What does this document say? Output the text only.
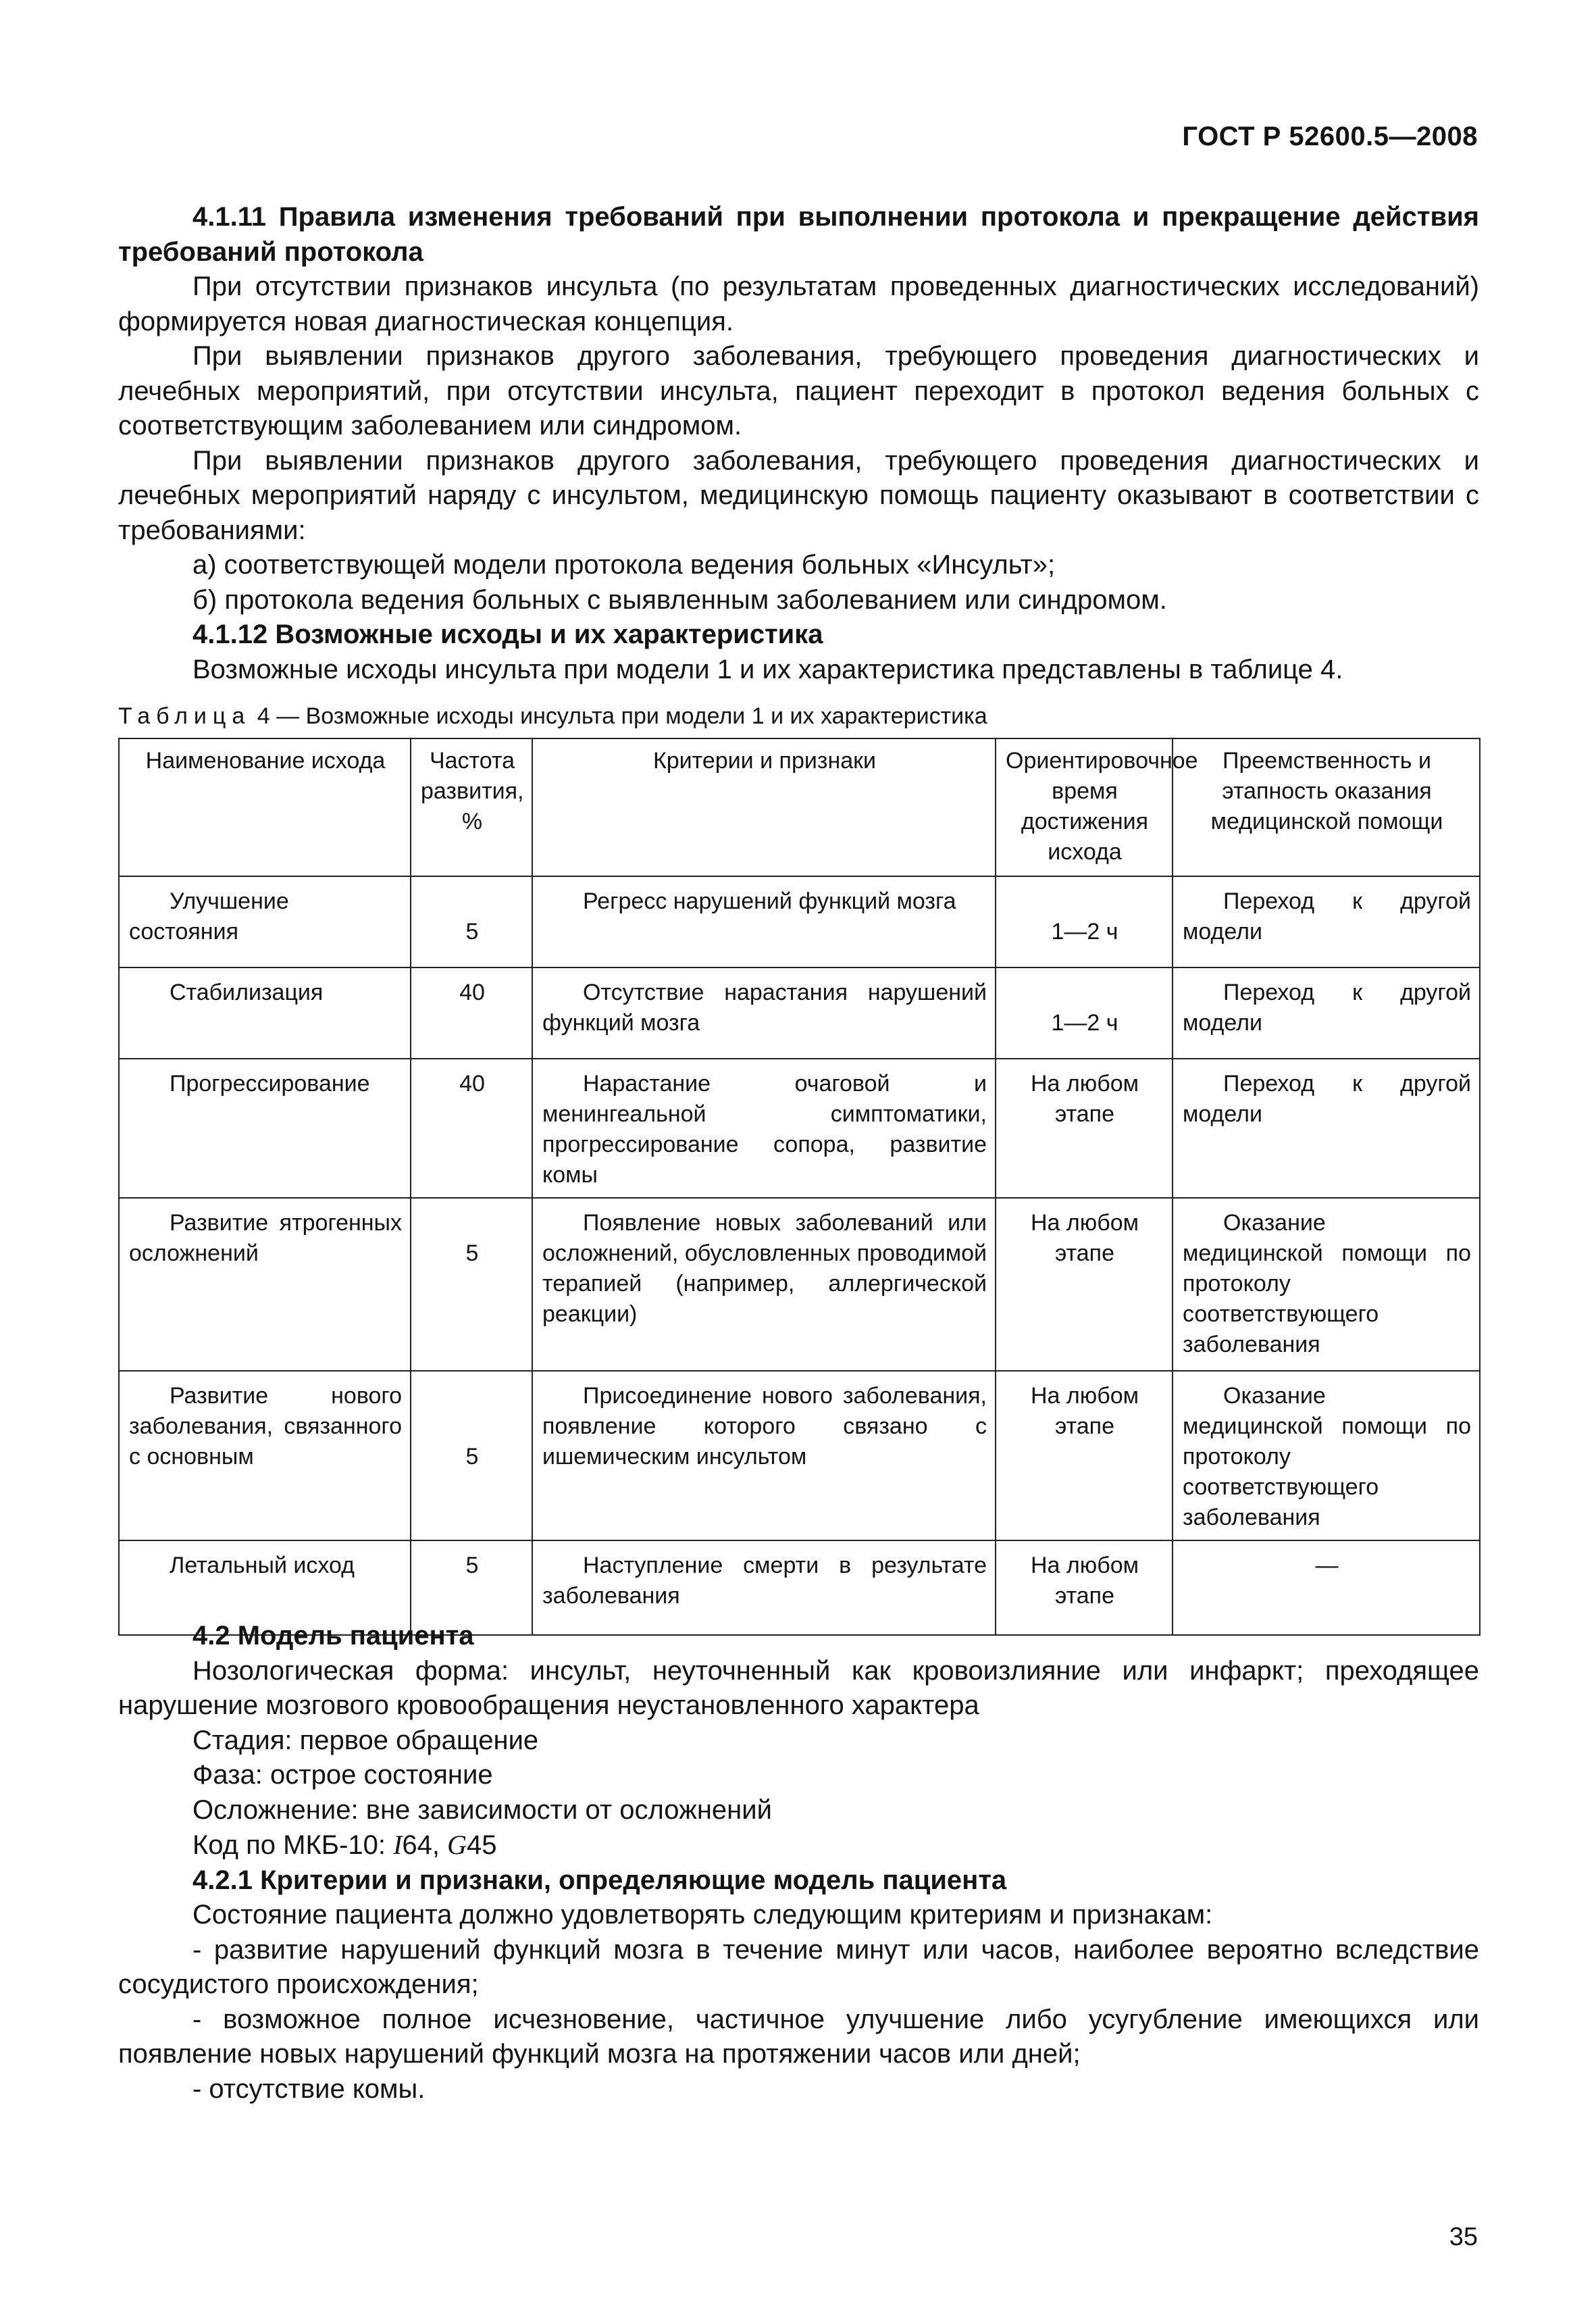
ГОСТ Р 52600.5—2008

4.1.11 Правила изменения требований при выполнении протокола и прекращение действия требований протокола

При отсутствии признаков инсульта (по результатам проведенных диагностических исследований) формируется новая диагностическая концепция.

При выявлении признаков другого заболевания, требующего проведения диагностических и лечебных мероприятий, при отсутствии инсульта, пациент переходит в протокол ведения больных с соответствующим заболеванием или синдромом.

При выявлении признаков другого заболевания, требующего проведения диагностических и лечебных мероприятий наряду с инсультом, медицинскую помощь пациенту оказывают в соответствии с требованиями:

а) соответствующей модели протокола ведения больных «Инсульт»;

б) протокола ведения больных с выявленным заболеванием или синдромом.

4.1.12 Возможные исходы и их характеристика

Возможные исходы инсульта при модели 1 и их характеристика представлены в таблице 4.

Таблица 4 — Возможные исходы инсульта при модели 1 и их характеристика
Наименование исхода	Частота развития, %	Критерии и признаки	Ориентировочное время достижения исхода	Преемственность и этапность оказания медицинской помощи
Улучшение состояния	5	Регресс нарушений функций мозга	1—2 ч	Переход к другой модели
Стабилизация	40	Отсутствие нарастания нарушений функций мозга	1—2 ч	Переход к другой модели
Прогрессирование	40	Нарастание очаговой и менингеальной симптоматики, прогрессирование сопора, развитие комы	На любом этапе	Переход к другой модели
Развитие ятрогенных осложнений	5	Появление новых заболеваний или осложнений, обусловленных проводимой терапией (например, аллергической реакции)	На любом этапе	Оказание медицинской помощи по протоколу соответствующего заболевания
Развитие нового заболевания, связанного с основным	5	Присоединение нового заболевания, появление которого связано с ишемическим инсультом	На любом этапе	Оказание медицинской помощи по протоколу соответствующего заболевания
Летальный исход	5	Наступление смерти в результате заболевания	На любом этапе	—

4.2 Модель пациента

Нозологическая форма: инсульт, неуточненный как кровоизлияние или инфаркт; преходящее нарушение мозгового кровообращения неустановленного характера

Стадия: первое обращение

Фаза: острое состояние

Осложнение: вне зависимости от осложнений

Код по МКБ-10: I64, G45

4.2.1 Критерии и признаки, определяющие модель пациента

Состояние пациента должно удовлетворять следующим критериям и признакам:

- развитие нарушений функций мозга в течение минут или часов, наиболее вероятно вследствие сосудистого происхождения;

- возможное полное исчезновение, частичное улучшение либо усугубление имеющихся или появление новых нарушений функций мозга на протяжении часов или дней;

- отсутствие комы.

35
